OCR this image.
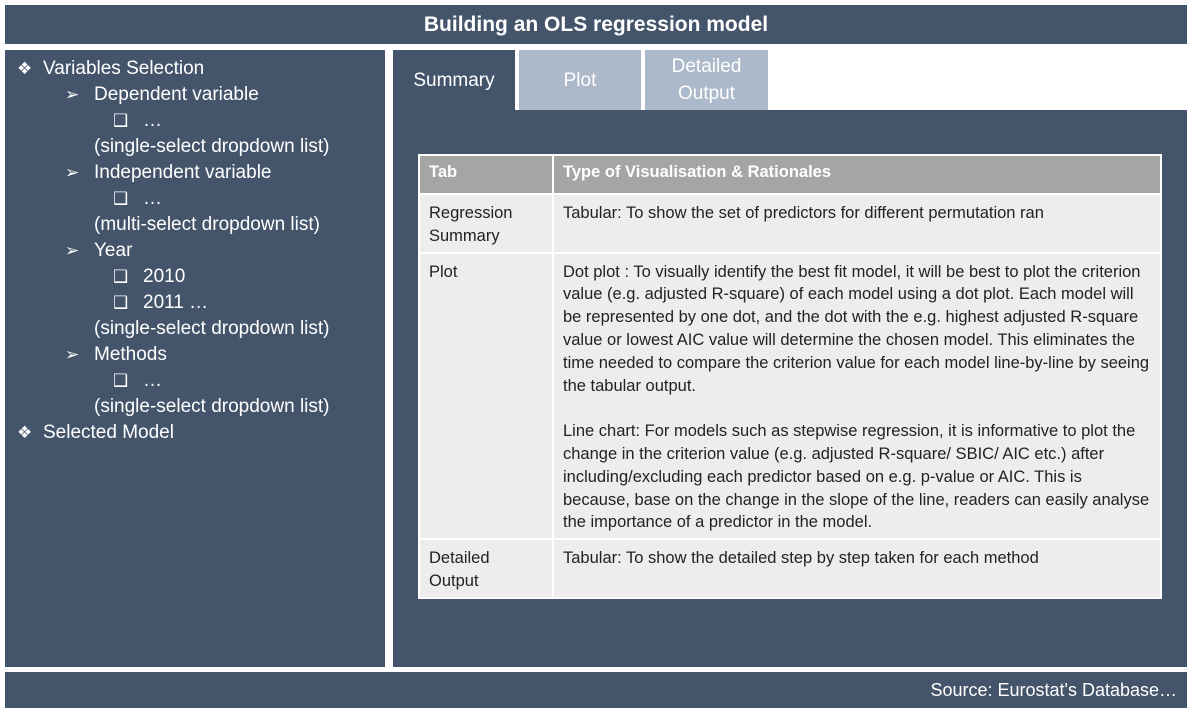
Building an OLS regression model
❖ Variables Selection
➢ Dependent variable
❑ …
(single-select dropdown list)
➢ Independent variable
❑ …
(multi-select dropdown list)
➢ Year
❑ 2010
❑ 2011 …
(single-select dropdown list)
➢ Methods
❑ …
(single-select dropdown list)
❖ Selected Model
Summary	Plot
Detailed Output
Tab	Type of Visualisation & Rationales
Regression Summary	Tabular: To show the set of predictors for different permutation ran

Plot	Dot plot : To visually identify the best fit model, it will be best to plot the criterion value (e.g. adjusted R-square) of each model using a dot plot. Each model will be represented by one dot, and the dot with the e.g. highest adjusted R-square value or lowest AIC value will determine the chosen model. This eliminates the time needed to compare the criterion value for each model line-by-line by seeing the tabular output.
Line chart: For models such as stepwise regression, it is informative to plot the change in the criterion value (e.g. adjusted R-square/ SBIC/ AIC etc.) after including/excluding each predictor based on e.g. p-value or AIC. This is because, base on the change in the slope of the line, readers can easily analyse the importance of a predictor in the model.

Detailed Output	Tabular: To show the detailed step by step taken for each method
Source: Eurostat's Database…
